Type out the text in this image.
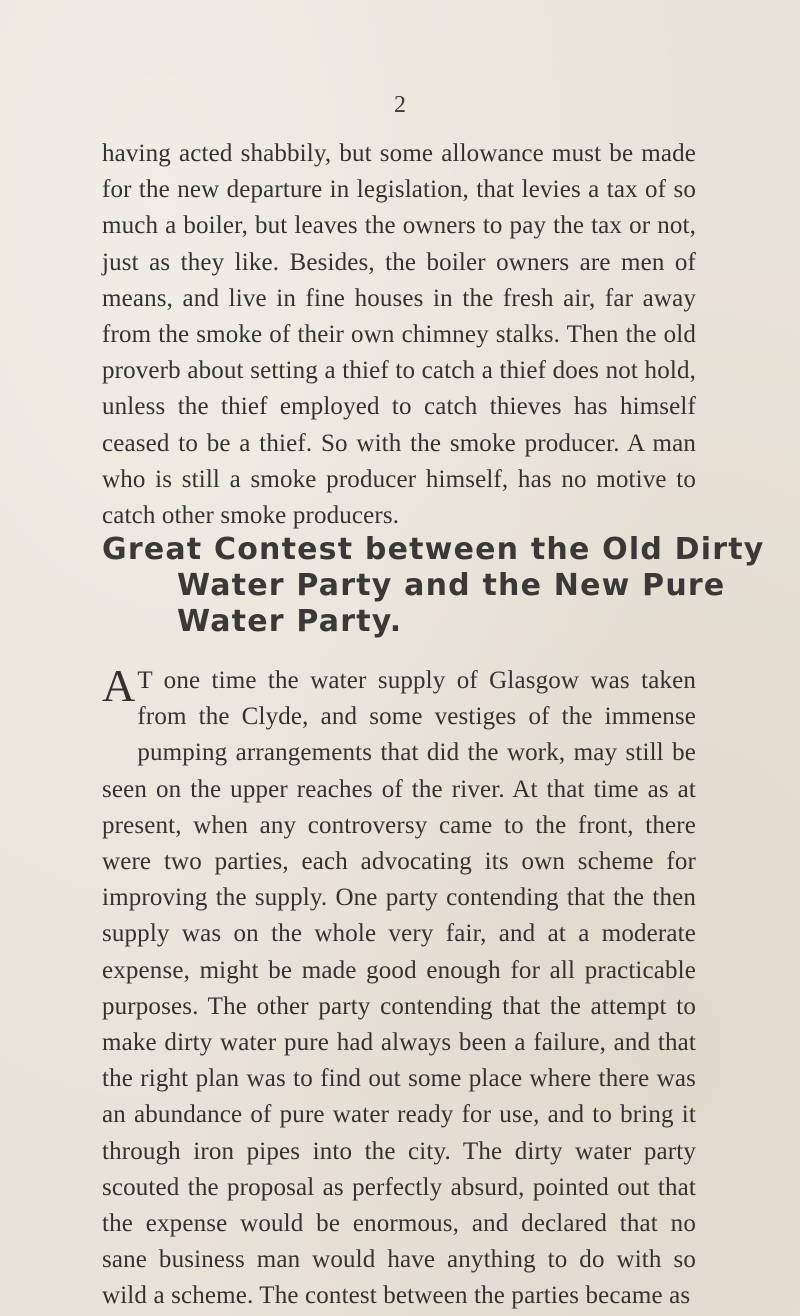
2

having acted shabbily, but some allowance must be made for the new departure in legislation, that levies a tax of so much a boiler, but leaves the owners to pay the tax or not, just as they like. Besides, the boiler owners are men of means, and live in fine houses in the fresh air, far away from the smoke of their own chimney stalks. Then the old proverb about setting a thief to catch a thief does not hold, unless the thief employed to catch thieves has himself ceased to be a thief. So with the smoke producer. A man who is still a smoke producer himself, has no motive to catch other smoke producers.

Great Contest between the Old Dirty
Water Party and the New Pure
Water Party.

A T one time the water supply of Glasgow was taken from the Clyde, and some vestiges of the immense pumping arrangements that did the work, may still be seen on the upper reaches of the river. At that time as at present, when any controversy came to the front, there were two parties, each advocating its own scheme for improving the supply. One party contending that the then supply was on the whole very fair, and at a moderate expense, might be made good enough for all practicable purposes. The other party contending that the attempt to make dirty water pure had always been a failure, and that the right plan was to find out some place where there was an abundance of pure water ready for use, and to bring it through iron pipes into the city. The dirty water party scouted the proposal as perfectly absurd, pointed out that the expense would be enormous, and declared that no sane business man would have anything to do with so wild a scheme. The contest between the parties became as
